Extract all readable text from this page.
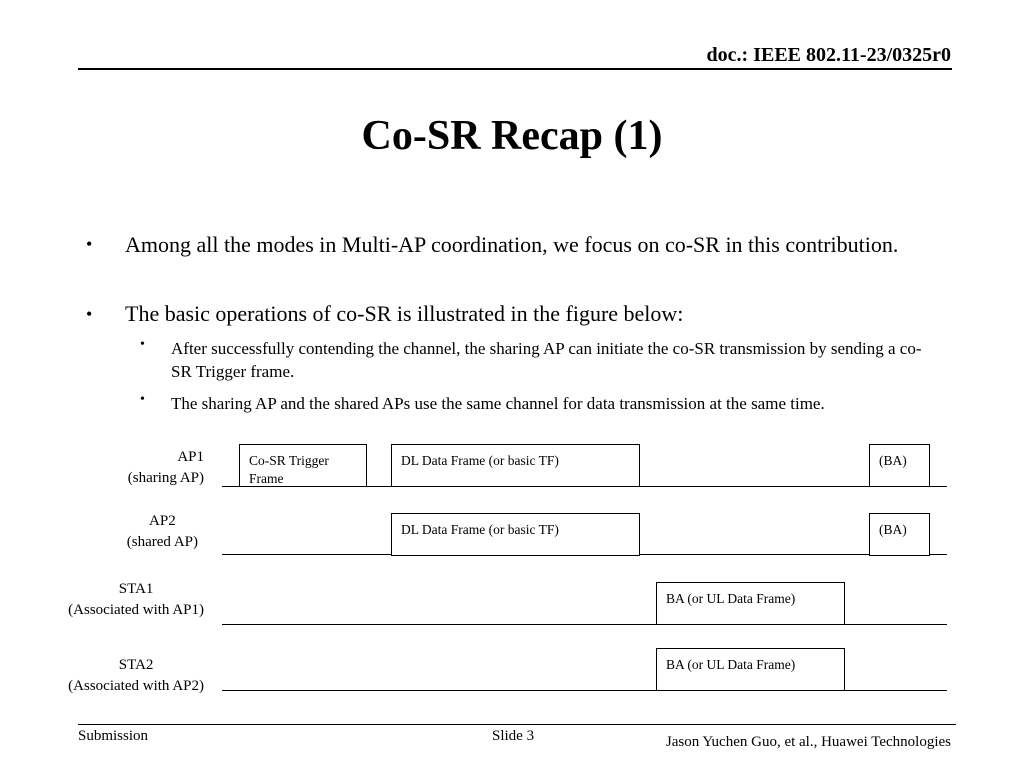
doc.: IEEE 802.11-23/0325r0
Co-SR Recap (1)
• Among all the modes in Multi-AP coordination, we focus on co-SR in this contribution.
• The basic operations of co-SR is illustrated in the figure below:
• After successfully contending the channel, the sharing AP can initiate the co-SR transmission by sending a co-SR Trigger frame.
• The sharing AP and the shared APs use the same channel for data transmission at the same time.
AP1
(sharing AP)
Co-SR Trigger Frame
DL Data Frame (or basic TF)	(BA)
AP2
(shared AP)
DL Data Frame (or basic TF)	(BA)
STA1
(Associated with AP1)
BA (or UL Data Frame)
STA2
(Associated with AP2)
BA (or UL Data Frame)
Submission	Slide 3	Jason Yuchen Guo, et al., Huawei Technologies
